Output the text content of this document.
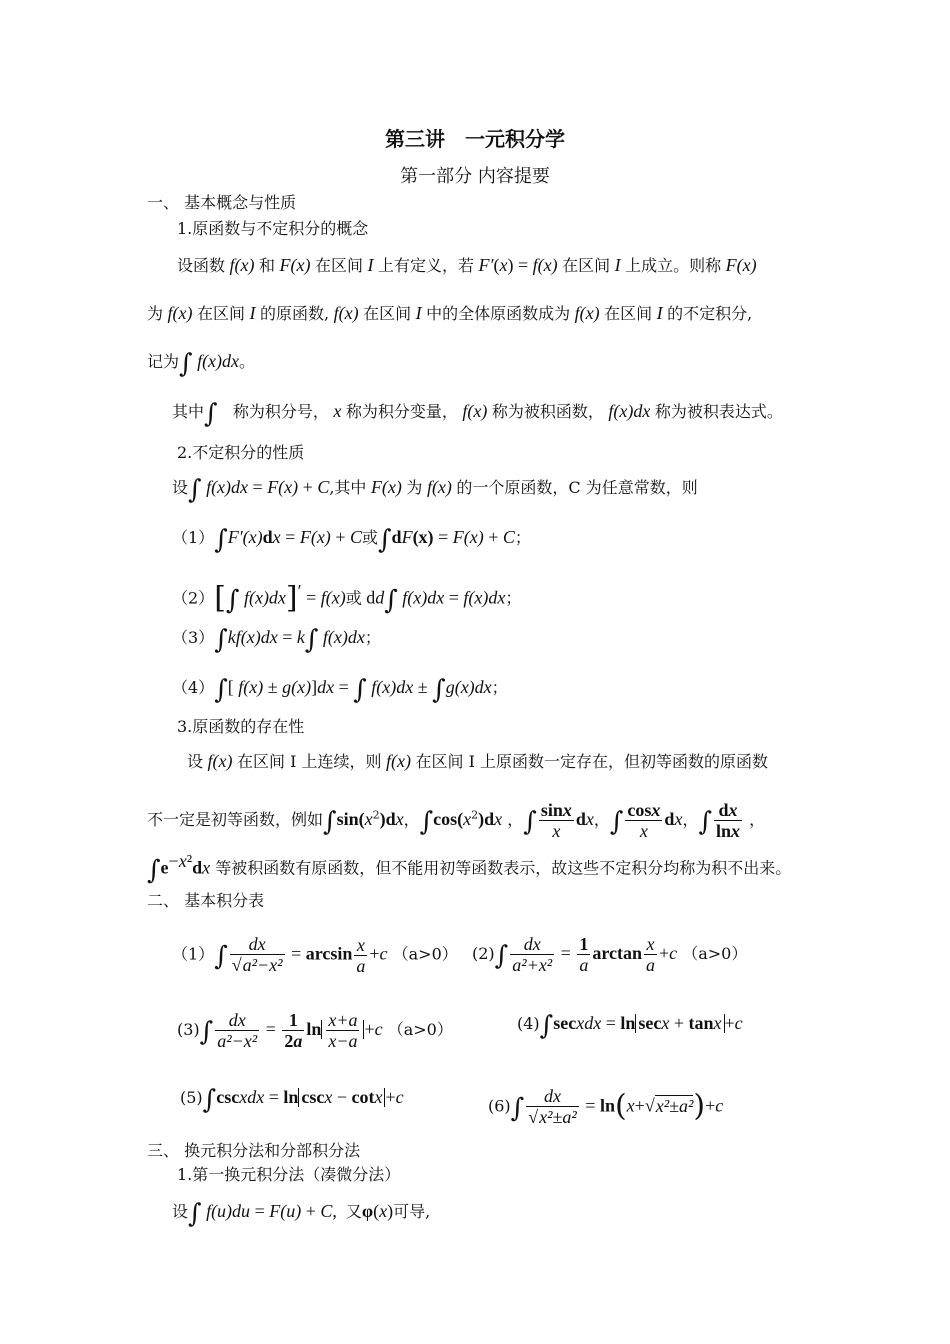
第三讲　一元积分学
第一部分 内容提要
一、 基本概念与性质
1.原函数与不定积分的概念
设函数 f(x) 和 F(x) 在区间 I 上有定义，若 F′(x) = f(x) 在区间 I 上成立。则称 F(x)
为 f(x) 在区间 I 的原函数, f(x) 在区间 I 中的全体原函数成为 f(x) 在区间 I 的不定积分,
记为∫ f(x)dx。
其中∫ 称为积分号， x 称为积分变量， f(x) 称为被积函数， f(x)dx 称为被积表达式。
2.不定积分的性质
设∫ f(x)dx = F(x) + C,其中 F(x) 为 f(x) 的一个原函数，C 为任意常数，则
（1）∫F′(x)dx = F(x) + C或∫dF(x) = F(x) + C；
（2）[∫ f(x)dx]′ = f(x)或 dd∫ f(x)dx = f(x)dx；
（3）∫kf(x)dx = k∫ f(x)dx；
（4）∫[ f(x) ± g(x)]dx = ∫ f(x)dx ± ∫g(x)dx；
3.原函数的存在性
设 f(x) 在区间 I 上连续，则 f(x) 在区间 I 上原函数一定存在，但初等函数的原函数
不一定是初等函数，例如$\int\sin(x^2)dx$，$\int\cos(x^2)dx$ ，∫ $\frac{\sin x}{x}$ dx，∫ $\frac{\cos x}{x}$ dx，∫ $\frac{dx}{\ln x}$ ，
$\int e^{-x^2}dx$ 等被积函数有原函数，但不能用初等函数表示，故这些不定积分均称为积不出来。
二、 基本积分表
$(1)\int \frac{dx}{\text{√a²−x²}} = \arcsin \frac{x}{a} +c$ （a>0） $(2)\int \frac{dx}{\text{a²+x²}} = \frac{1}{a}$ $\arctan \frac{x}{a} +c$ （a>0）
$(3)\int \frac{dx}{\text{a²−x²}} = \frac{1}{2a}$ $\ln \frac{x+a}{x-a} +c$ （a>0）	(4)∫secxdx = ln secx + tanx +c
(5)∫cscxdx = ln cscx − cotx +c	$(6)\int \frac{dx}{\text{√x²±a²}} = \ln(x+√x^2\pm a^2)+c$
三、 换元积分法和分部积分法
1.第一换元积分法（凑微分法）
设∫ f(u)du = F(u) + C,  又φ(x)可导,
